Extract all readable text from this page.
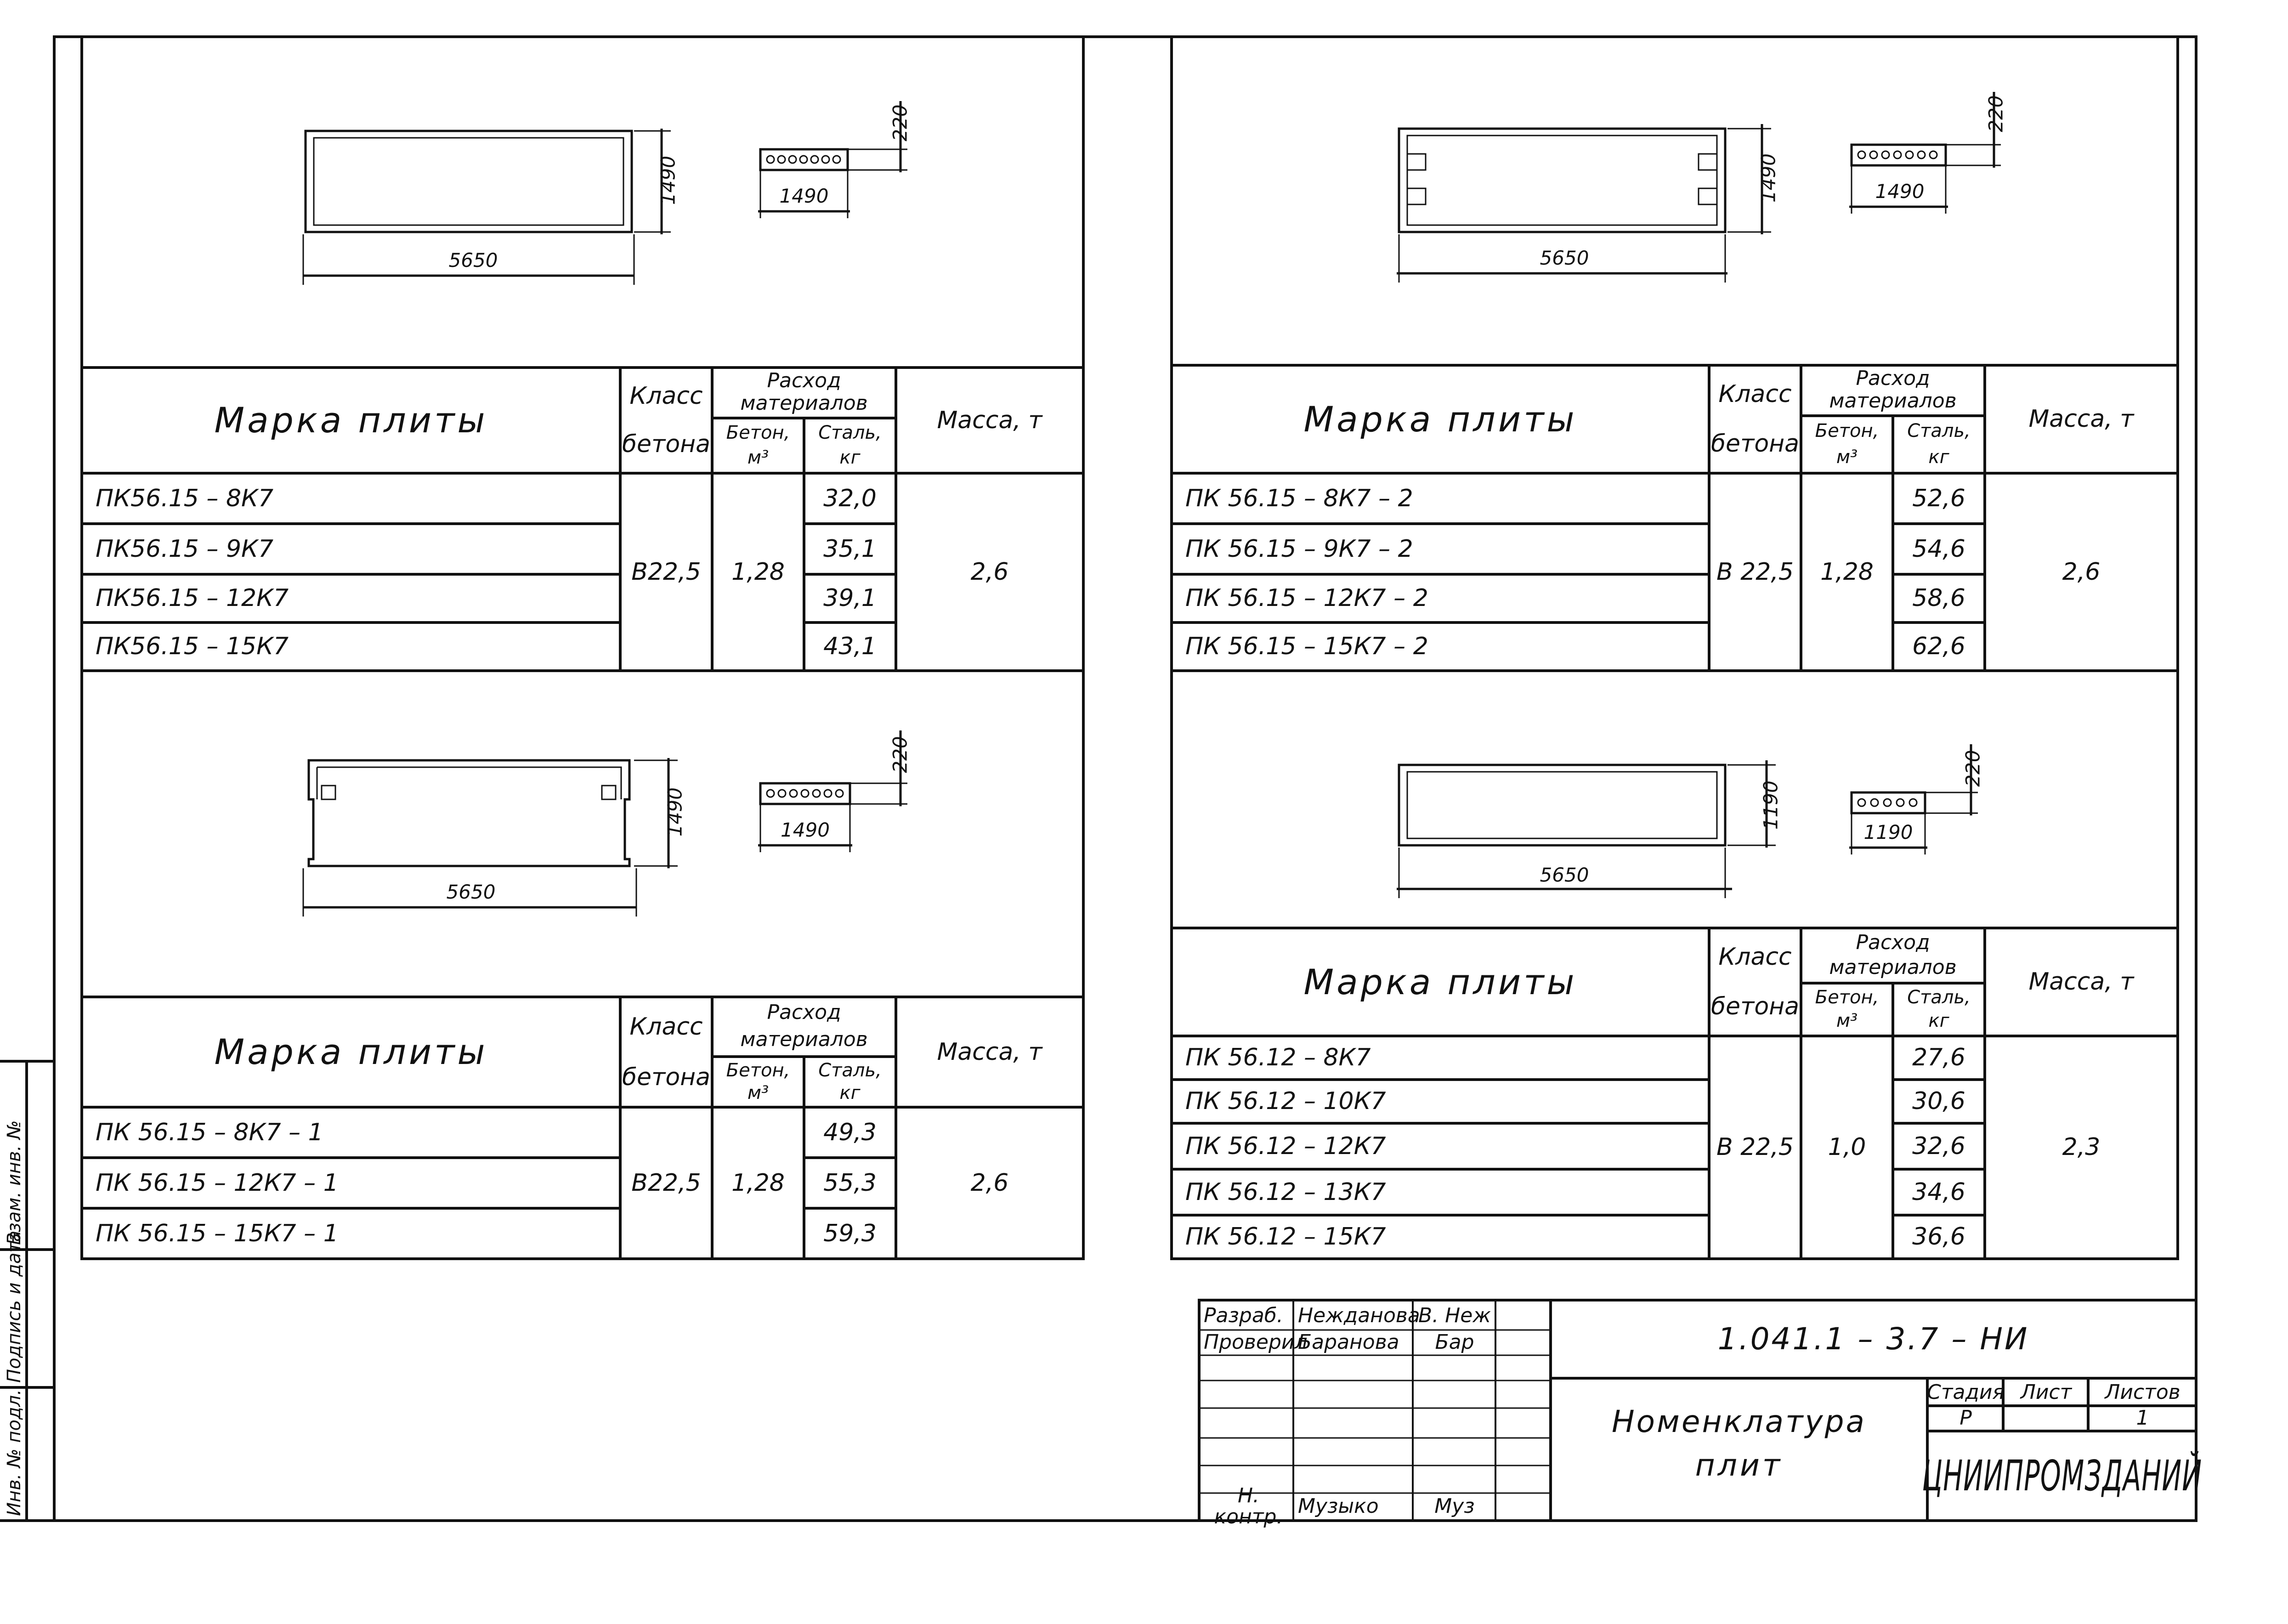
Инв. № подл.
Подпись и дата
Взам. инв. №
5650
1490	1490
220
5650
1490	1490
220
5650
1490	1490
220
5650
1190
1190
220
Марка плиты
Класс
бетона
Расход
материалов
Бетон,
м³
Сталь,
кг
Масса, т
ПК56.15 – 8К7	32,0
ПК56.15 – 9К7	35,1
ПК56.15 – 12К7	39,1
ПК56.15 – 15К7	43,1
В22,5	1,28	2,6
Марка плиты
Класс
бетона
Расход
материалов
Бетон,
м³
Сталь,
кг
Масса, т
ПК 56.15 – 8К7 – 2	52,6
ПК 56.15 – 9К7 – 2	54,6
ПК 56.15 – 12К7 – 2	58,6
ПК 56.15 – 15К7 – 2	62,6
В 22,5	1,28	2,6
Марка плиты
Класс
бетона
Расход
материалов
Бетон,
м³
Сталь,
кг
Масса, т
ПК 56.15 – 8К7 – 1	49,3
ПК 56.15 – 12К7 – 1	55,3
ПК 56.15 – 15К7 – 1	59,3
В22,5	1,28	2,6
Марка плиты
Класс
бетона
Расход
материалов
Бетон,
м³
Сталь,
кг
Масса, т
ПК 56.12 – 8К7	27,6
ПК 56.12 – 10К7	30,6
ПК 56.12 – 12К7	32,6
ПК 56.12 – 13К7	34,6
ПК 56.12 – 15К7	36,6
В 22,5	1,0	2,3
Разраб. Нежданова
В. Неж
Проверил
Баранова	Бар
Н. контр. Музыко	Муз
1.041.1 – 3.7 – НИ
Номенклатура
плит
Стадия Лист	Листов
Р	1
ЦНИИПРОМЗДАНИЙ
